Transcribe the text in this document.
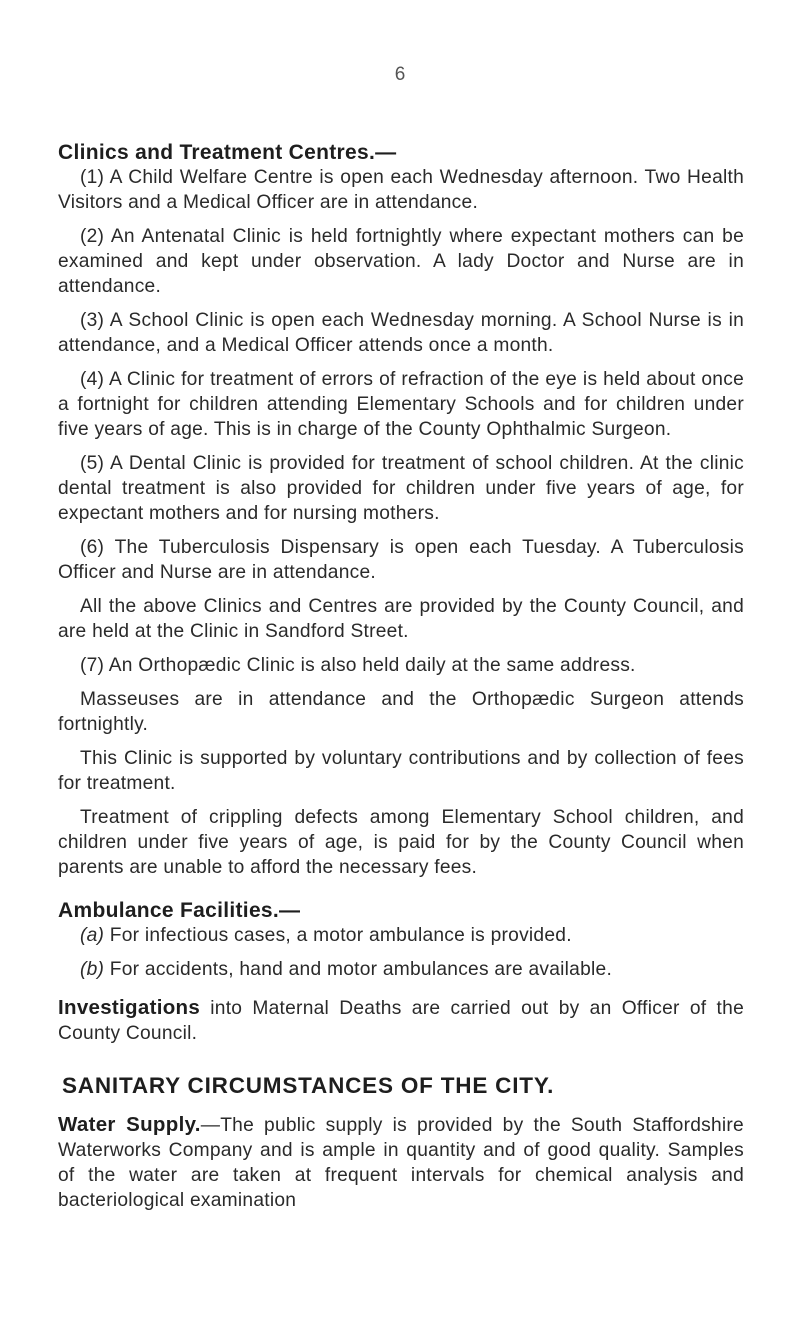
6

Clinics and Treatment Centres.—

(1) A Child Welfare Centre is open each Wednesday afternoon. Two Health Visitors and a Medical Officer are in attendance.

(2) An Antenatal Clinic is held fortnightly where expectant mothers can be examined and kept under observation. A lady Doctor and Nurse are in attendance.

(3) A School Clinic is open each Wednesday morning. A School Nurse is in attendance, and a Medical Officer attends once a month.

(4) A Clinic for treatment of errors of refraction of the eye is held about once a fortnight for children attending Elementary Schools and for children under five years of age. This is in charge of the County Ophthalmic Surgeon.

(5) A Dental Clinic is provided for treatment of school children. At the clinic dental treatment is also provided for children under five years of age, for expectant mothers and for nursing mothers.

(6) The Tuberculosis Dispensary is open each Tuesday. A Tuberculosis Officer and Nurse are in attendance.

All the above Clinics and Centres are provided by the County Council, and are held at the Clinic in Sandford Street.

(7) An Orthopædic Clinic is also held daily at the same address.

Masseuses are in attendance and the Orthopædic Surgeon attends fortnightly.

This Clinic is supported by voluntary contributions and by collection of fees for treatment.

Treatment of crippling defects among Elementary School children, and children under five years of age, is paid for by the County Council when parents are unable to afford the necessary fees.

Ambulance Facilities.—

(a) For infectious cases, a motor ambulance is provided.

(b) For accidents, hand and motor ambulances are available.

Investigations into Maternal Deaths are carried out by an Officer of the County Council.

SANITARY CIRCUMSTANCES OF THE CITY.

Water Supply.—The public supply is provided by the South Staffordshire Waterworks Company and is ample in quantity and of good quality. Samples of the water are taken at frequent intervals for chemical analysis and bacteriological examination
